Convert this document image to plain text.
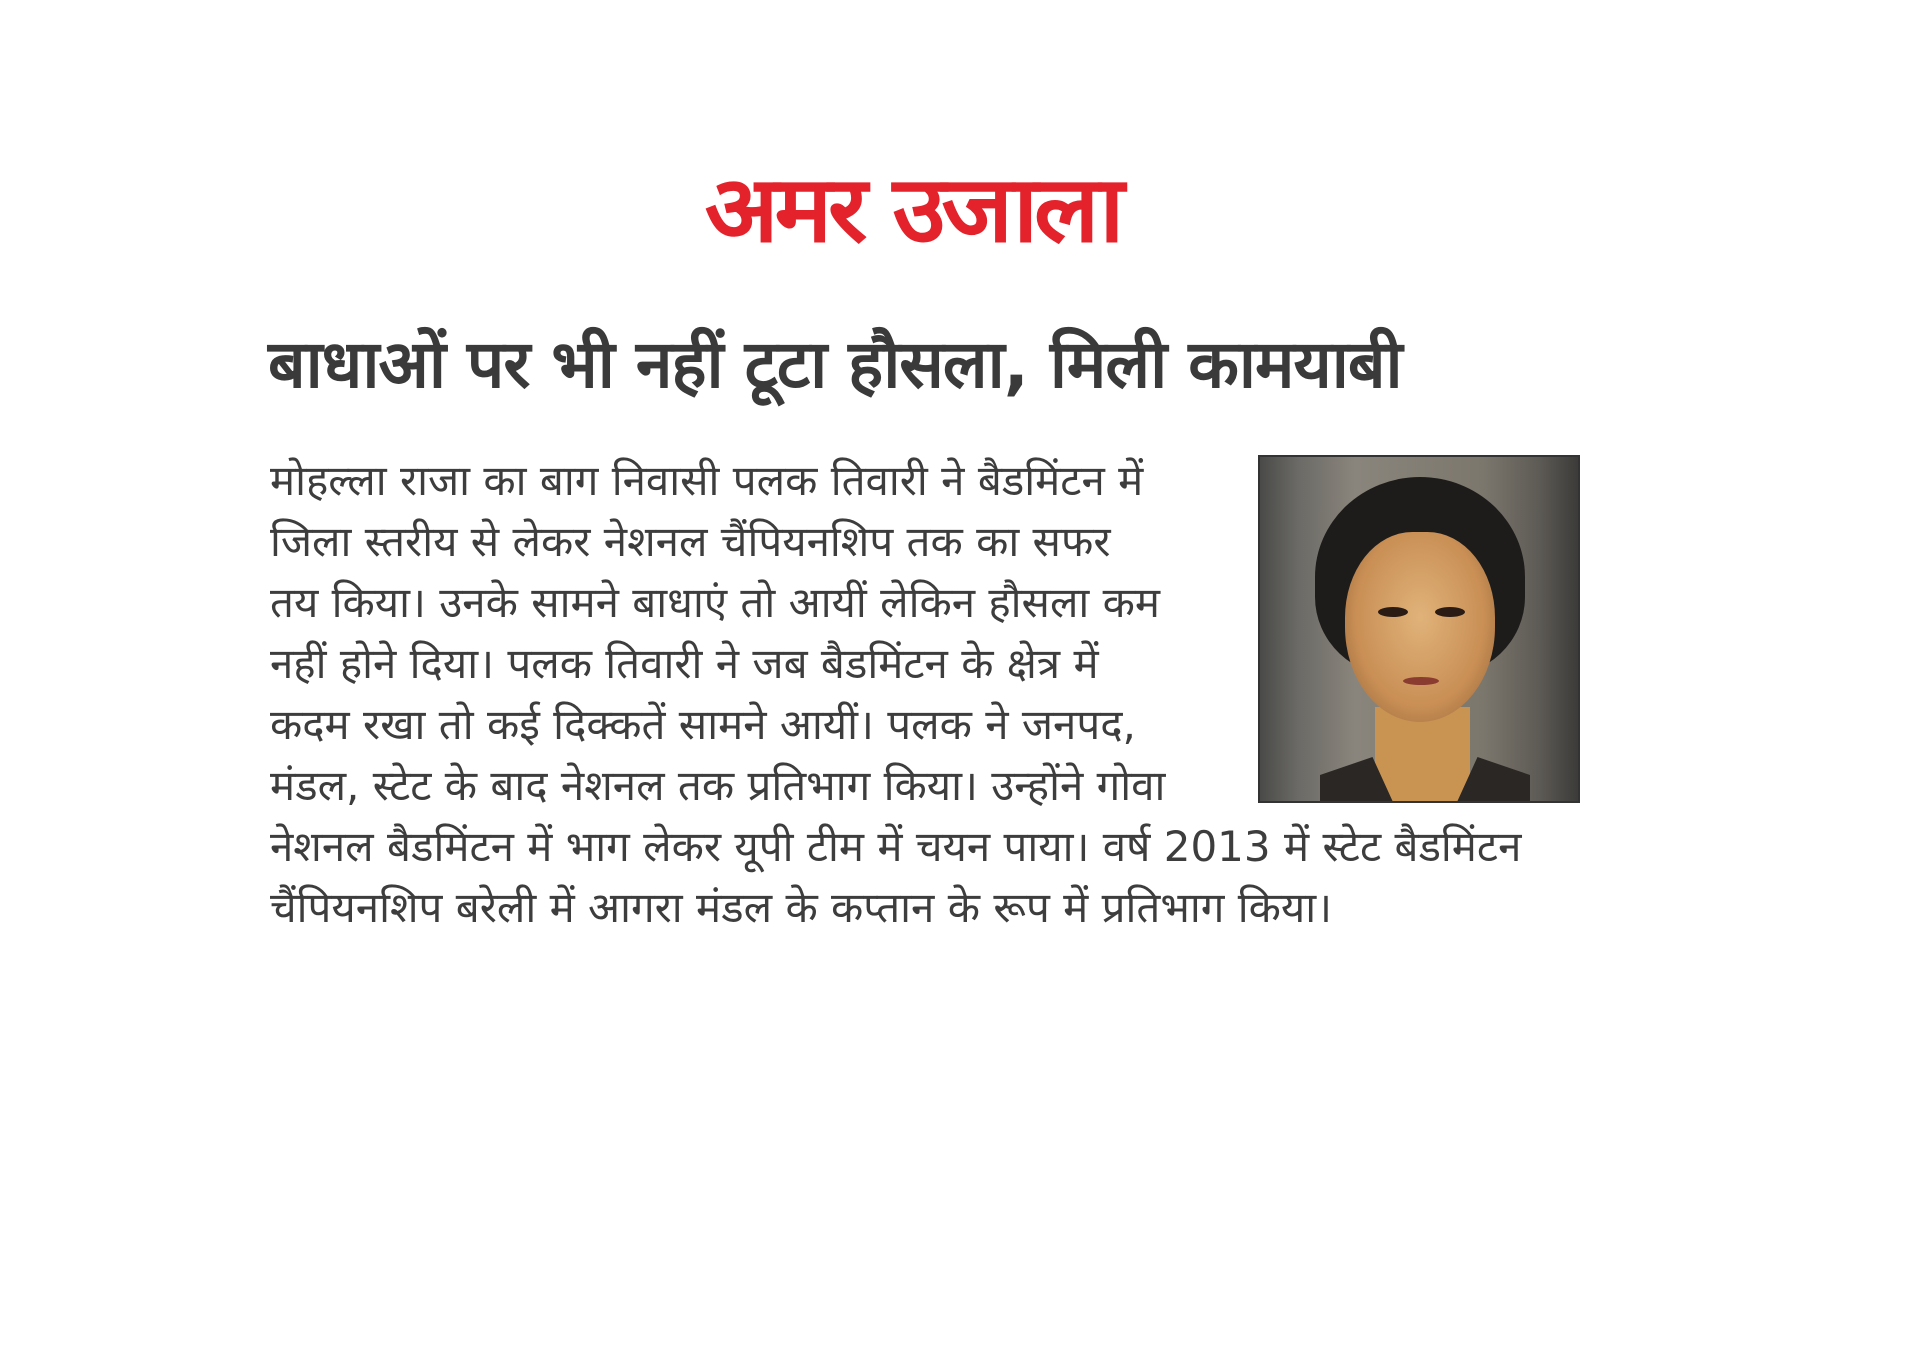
अमर उजाला
बाधाओं पर भी नहीं टूटा हौसला, मिली कामयाबी
मोहल्ला राजा का बाग निवासी पलक तिवारी ने बैडमिंटन में
जिला स्तरीय से लेकर नेशनल चैंपियनशिप तक का सफर
तय किया। उनके सामने बाधाएं तो आयीं लेकिन हौसला कम
नहीं होने दिया। पलक तिवारी ने जब बैडमिंटन के क्षेत्र में
कदम रखा तो कई दिक्कतें सामने आयीं। पलक ने जनपद,
मंडल, स्टेट के बाद नेशनल तक प्रतिभाग किया। उन्होंने गोवा
नेशनल बैडमिंटन में भाग लेकर यूपी टीम में चयन पाया। वर्ष 2013 में स्टेट बैडमिंटन
चैंपियनशिप बरेली में आगरा मंडल के कप्तान के रूप में प्रतिभाग किया।
